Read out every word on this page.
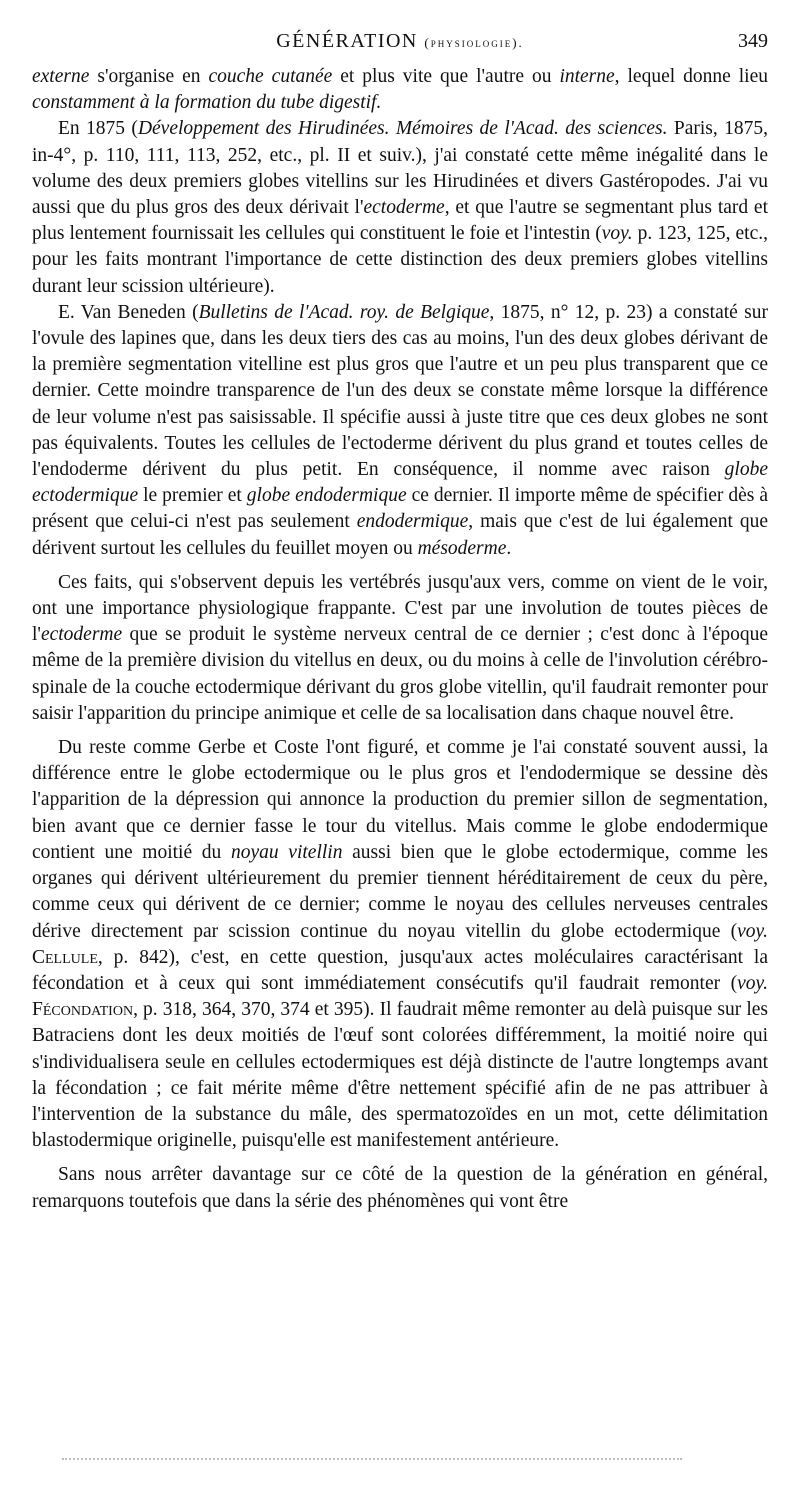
GÉNÉRATION (physiologie).	349

externe s'organise en couche cutanée et plus vite que l'autre ou interne, lequel donne lieu constamment à la formation du tube digestif.

En 1875 (Développement des Hirudinées. Mémoires de l'Acad. des sciences. Paris, 1875, in-4°, p. 110, 111, 113, 252, etc., pl. II et suiv.), j'ai constaté cette même inégalité dans le volume des deux premiers globes vitellins sur les Hirudinées et divers Gastéropodes. J'ai vu aussi que du plus gros des deux dérivait l'ectoderme, et que l'autre se segmentant plus tard et plus lentement fournissait les cellules qui constituent le foie et l'intestin (voy. p. 123, 125, etc., pour les faits montrant l'importance de cette distinction des deux premiers globes vitellins durant leur scission ultérieure).

E. Van Beneden (Bulletins de l'Acad. roy. de Belgique, 1875, n° 12, p. 23) a constaté sur l'ovule des lapines que, dans les deux tiers des cas au moins, l'un des deux globes dérivant de la première segmentation vitelline est plus gros que l'autre et un peu plus transparent que ce dernier. Cette moindre transparence de l'un des deux se constate même lorsque la différence de leur volume n'est pas saisissable. Il spécifie aussi à juste titre que ces deux globes ne sont pas équivalents. Toutes les cellules de l'ectoderme dérivent du plus grand et toutes celles de l'endoderme dérivent du plus petit. En conséquence, il nomme avec raison globe ectodermique le premier et globe endodermique ce dernier. Il importe même de spécifier dès à présent que celui-ci n'est pas seulement endodermique, mais que c'est de lui également que dérivent surtout les cellules du feuillet moyen ou mésoderme.

Ces faits, qui s'observent depuis les vertébrés jusqu'aux vers, comme on vient de le voir, ont une importance physiologique frappante. C'est par une involution de toutes pièces de l'ectoderme que se produit le système nerveux central de ce dernier ; c'est donc à l'époque même de la première division du vitellus en deux, ou du moins à celle de l'involution cérébro-spinale de la couche ectodermique dérivant du gros globe vitellin, qu'il faudrait remonter pour saisir l'apparition du principe animique et celle de sa localisation dans chaque nouvel être.

Du reste comme Gerbe et Coste l'ont figuré, et comme je l'ai constaté souvent aussi, la différence entre le globe ectodermique ou le plus gros et l'endodermique se dessine dès l'apparition de la dépression qui annonce la production du premier sillon de segmentation, bien avant que ce dernier fasse le tour du vitellus. Mais comme le globe endodermique contient une moitié du noyau vitellin aussi bien que le globe ectodermique, comme les organes qui dérivent ultérieurement du premier tiennent héréditairement de ceux du père, comme ceux qui dérivent de ce dernier; comme le noyau des cellules nerveuses centrales dérive directement par scission continue du noyau vitellin du globe ectodermique (voy. Cellule, p. 842), c'est, en cette question, jusqu'aux actes moléculaires caractérisant la fécondation et à ceux qui sont immédiatement consécutifs qu'il faudrait remonter (voy. Fécondation, p. 318, 364, 370, 374 et 395). Il faudrait même remonter au delà puisque sur les Batraciens dont les deux moitiés de l'œuf sont colorées différemment, la moitié noire qui s'individualisera seule en cellules ectodermiques est déjà distincte de l'autre longtemps avant la fécondation ; ce fait mérite même d'être nettement spécifié afin de ne pas attribuer à l'intervention de la substance du mâle, des spermatozoïdes en un mot, cette délimitation blastodermique originelle, puisqu'elle est manifestement antérieure.

Sans nous arrêter davantage sur ce côté de la question de la génération en général, remarquons toutefois que dans la série des phénomènes qui vont être
